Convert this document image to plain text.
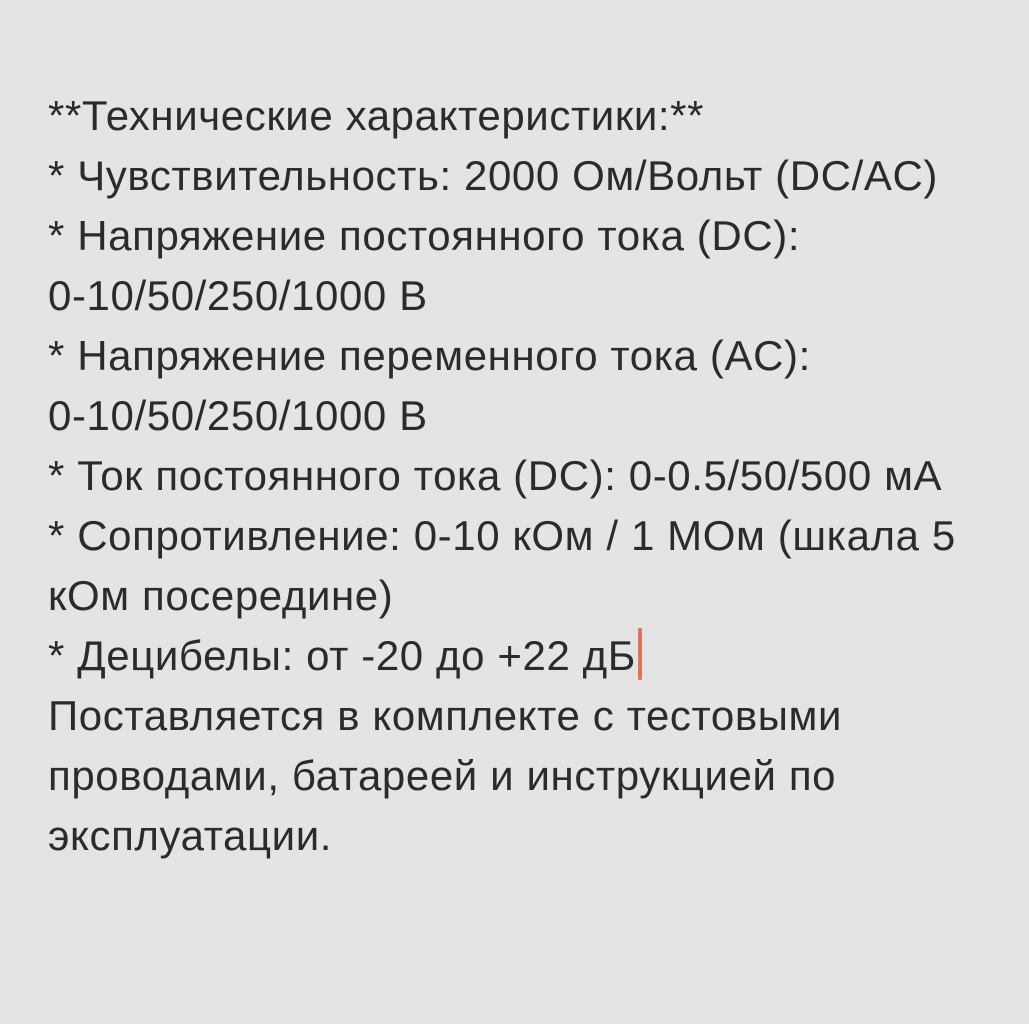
**Технические характеристики:**
* Чувствительность: 2000 Ом/Вольт (DC/AC)
* Напряжение постоянного тока (DC):
0-10/50/250/1000 В
* Напряжение переменного тока (AC):
0-10/50/250/1000 В
* Ток постоянного тока (DC): 0-0.5/50/500 мА
* Сопротивление: 0-10 кОм / 1 МОм (шкала 5
кОм посередине)
* Децибелы: от -20 до +22 дБ
Поставляется в комплекте с тестовыми
проводами, батареей и инструкцией по
эксплуатации.
